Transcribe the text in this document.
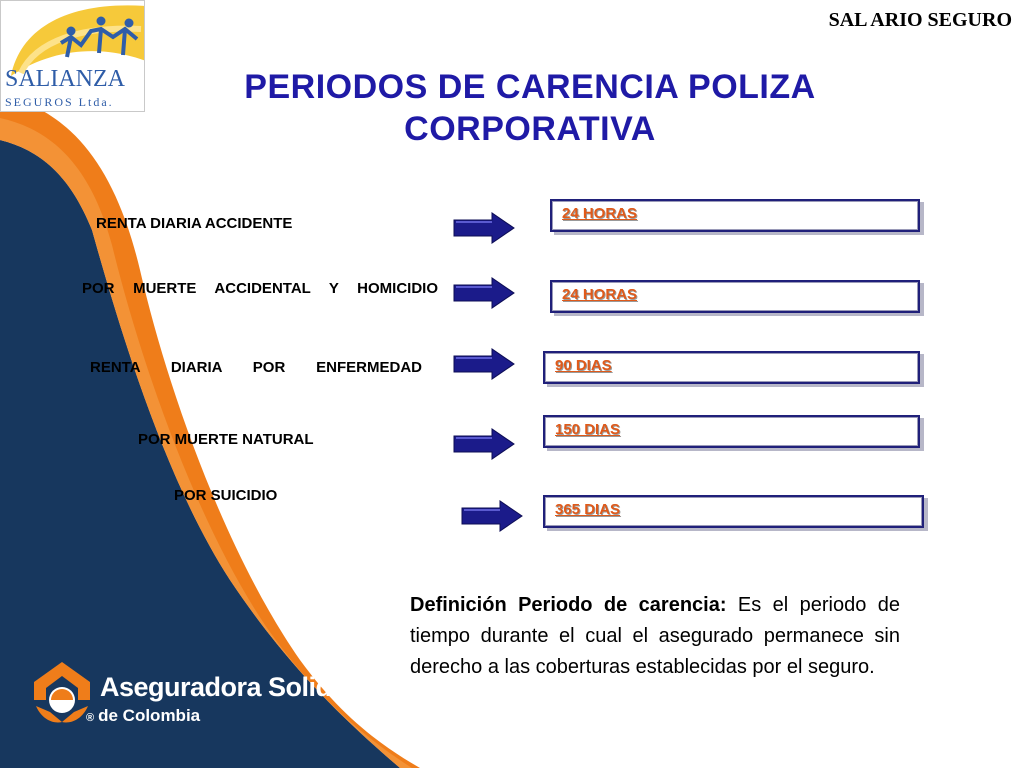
SALIANZA
SEGUROS Ltda.
SAL ARIO SEGURO
PERIODOS DE CARENCIA POLIZA
CORPORATIVA
RENTA DIARIA ACCIDENTE
24 HORAS
POR MUERTE ACCIDENTAL Y HOMICIDIO	24 HORAS
RENTA DIARIA POR ENFERMEDAD	90 DIAS
POR MUERTE NATURAL
150 DIAS
POR SUICIDIO
365 DIAS
Definición Periodo de carencia: Es el periodo de tiempo durante el cual el asegurado permanece sin derecho a las coberturas establecidas por el seguro.
Aseguradora Solidaria
® de Colombia
